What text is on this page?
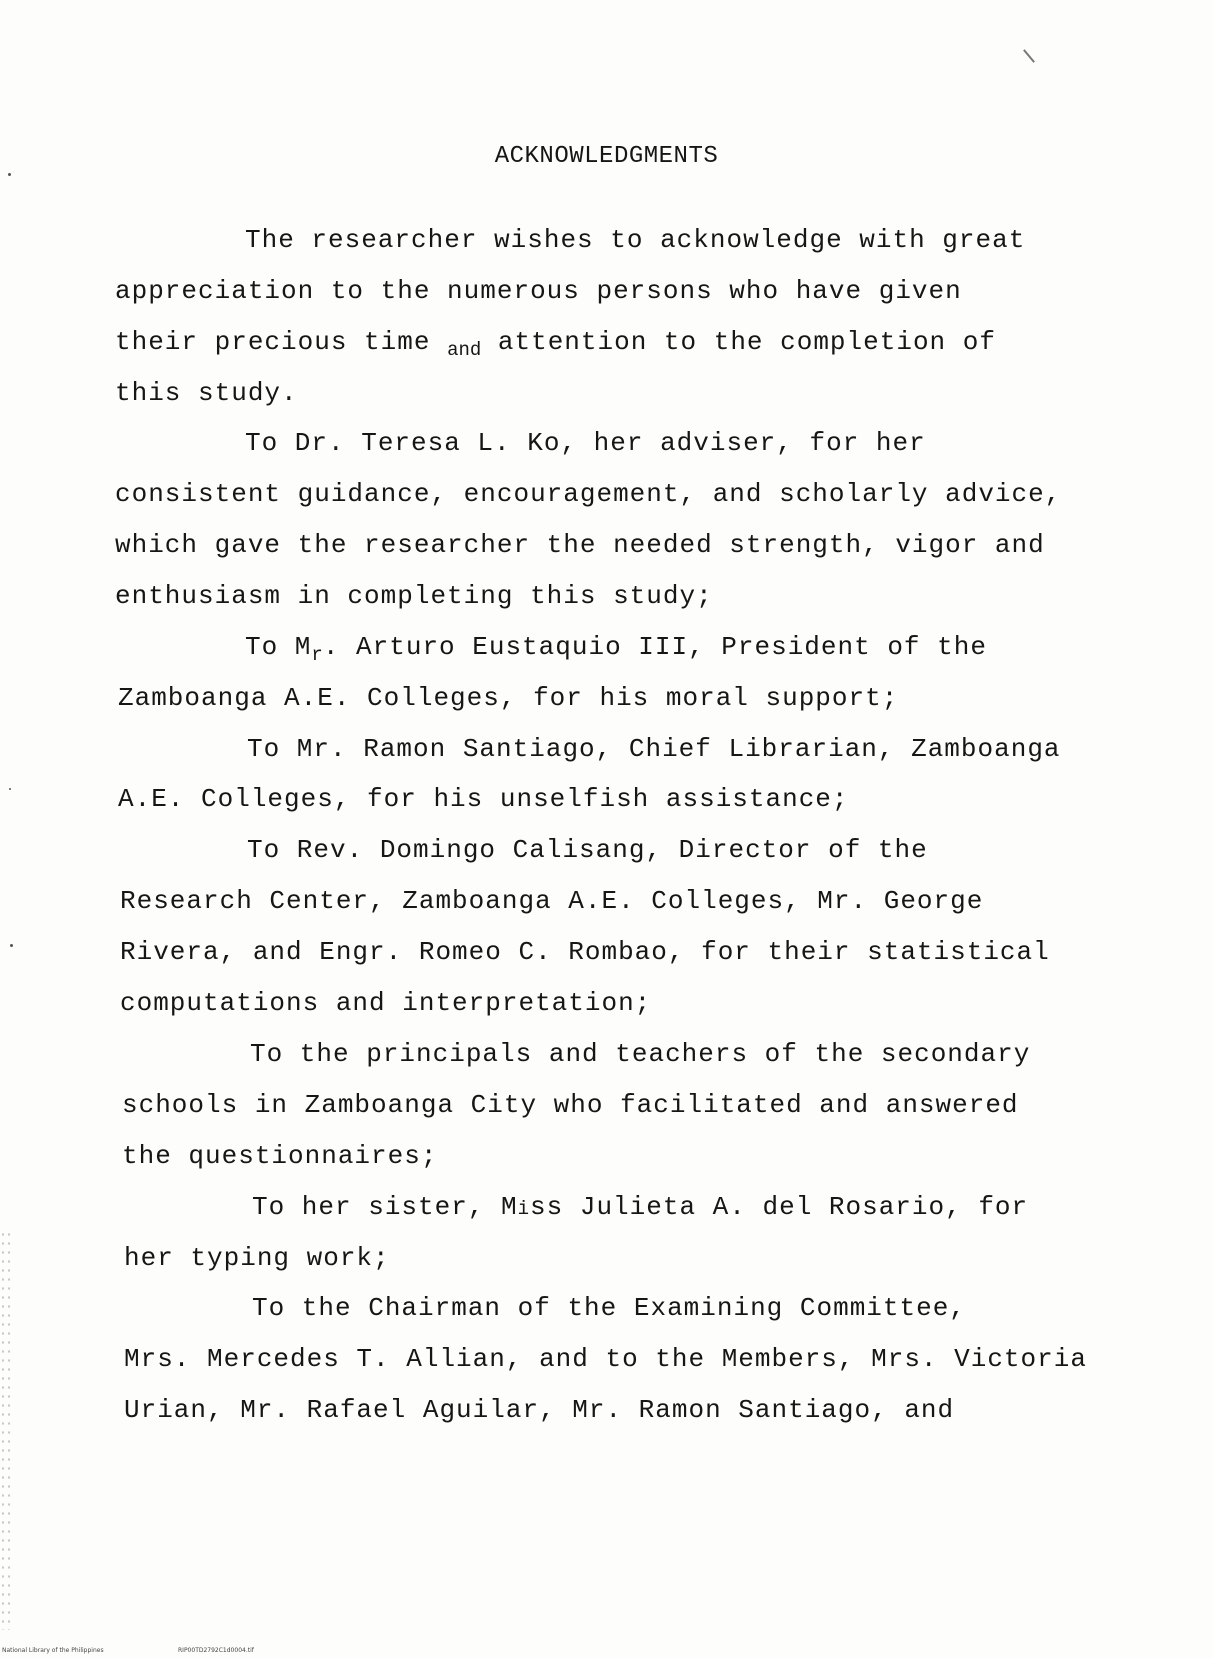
ACKNOWLEDGMENTS
The researcher wishes to acknowledge with great
appreciation to the numerous persons who have given
their precious time $_{and}$ attention to the completion of
this study.
To Dr. Teresa L. Ko, her adviser, for her
consistent guidance, encouragement, and scholarly advice,
which gave the researcher the needed strength, vigor and
enthusiasm in completing this study;
To $M_r$. Arturo Eustaquio III, President of the
Zamboanga A.E. Colleges, for his moral support;
To Mr. Ramon Santiago, Chief Librarian, Zamboanga
A.E. Colleges, for his unselfish assistance;
To Rev. Domingo Calisang, Director of the
Research Center, Zamboanga A.E. Colleges, Mr. George
Rivera, and Engr. Romeo C. Rombao, for their statistical
computations and interpretation;
To the principals and teachers of the secondary
schools in Zamboanga City who facilitated and answered
the questionnaires;
To her sister, Miss Julieta A. del Rosario, for
her typing work;
To the Chairman of the Examining Committee,
Mrs. Mercedes T. Allian, and to the Members, Mrs. Victoria
Urian, Mr. Rafael Aguilar, Mr. Ramon Santiago, and
National Library of the Philippines	RIP00TD2792C1d0004.tif
